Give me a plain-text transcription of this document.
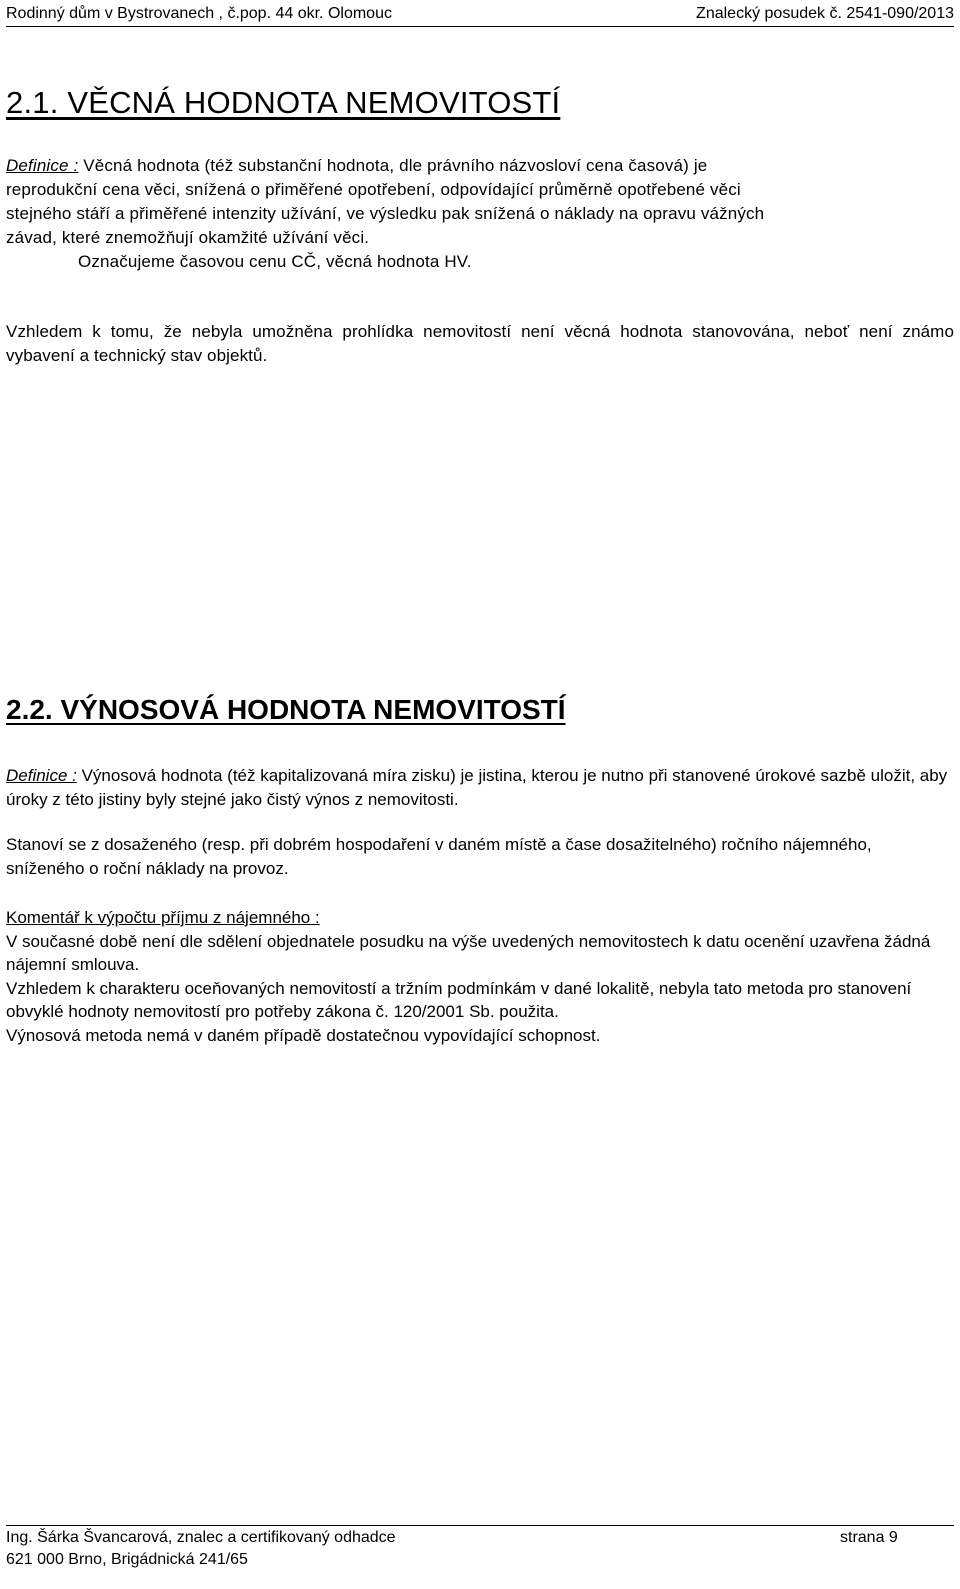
Rodinný dům v Bystrovanech , č.pop. 44 okr. Olomouc	Znalecký posudek č. 2541-090/2013
2.1. VĚCNÁ HODNOTA NEMOVITOSTÍ
Definice : Věcná hodnota (též substanční hodnota, dle právního názvosloví cena časová) je
reprodukční cena věci, snížená o přiměřené opotřebení, odpovídající průměrně opotřebené věci
stejného stáří a přiměřené intenzity užívání, ve výsledku pak snížená o náklady na opravu vážných
závad, které znemožňují okamžité užívání věci.
Označujeme časovou cenu CČ, věcná hodnota HV.
Vzhledem k tomu, že nebyla umožněna prohlídka nemovitostí není věcná hodnota stanovována, neboť není známo vybavení a technický stav objektů.
2.2. VÝNOSOVÁ HODNOTA NEMOVITOSTÍ
Definice : Výnosová hodnota (též kapitalizovaná míra zisku) je jistina, kterou je nutno při stanovené úrokové sazbě uložit, aby úroky z této jistiny byly stejné jako čistý výnos z nemovitosti.
Stanoví se z dosaženého (resp. při dobrém hospodaření v daném místě a čase dosažitelného) ročního nájemného, sníženého o roční náklady na provoz.
Komentář k výpočtu příjmu z nájemného :
V současné době není dle sdělení objednatele posudku na výše uvedených nemovitostech k datu ocenění uzavřena žádná nájemní smlouva.
Vzhledem k charakteru oceňovaných nemovitostí a tržním podmínkám v dané lokalitě, nebyla tato metoda pro stanovení obvyklé hodnoty nemovitostí pro potřeby zákona č. 120/2001 Sb. použita.
Výnosová metoda nemá v daném případě dostatečnou vypovídající schopnost.
Ing. Šárka Švancarová, znalec a certifikovaný odhadce
621 000 Brno, Brigádnická 241/65
strana 9
